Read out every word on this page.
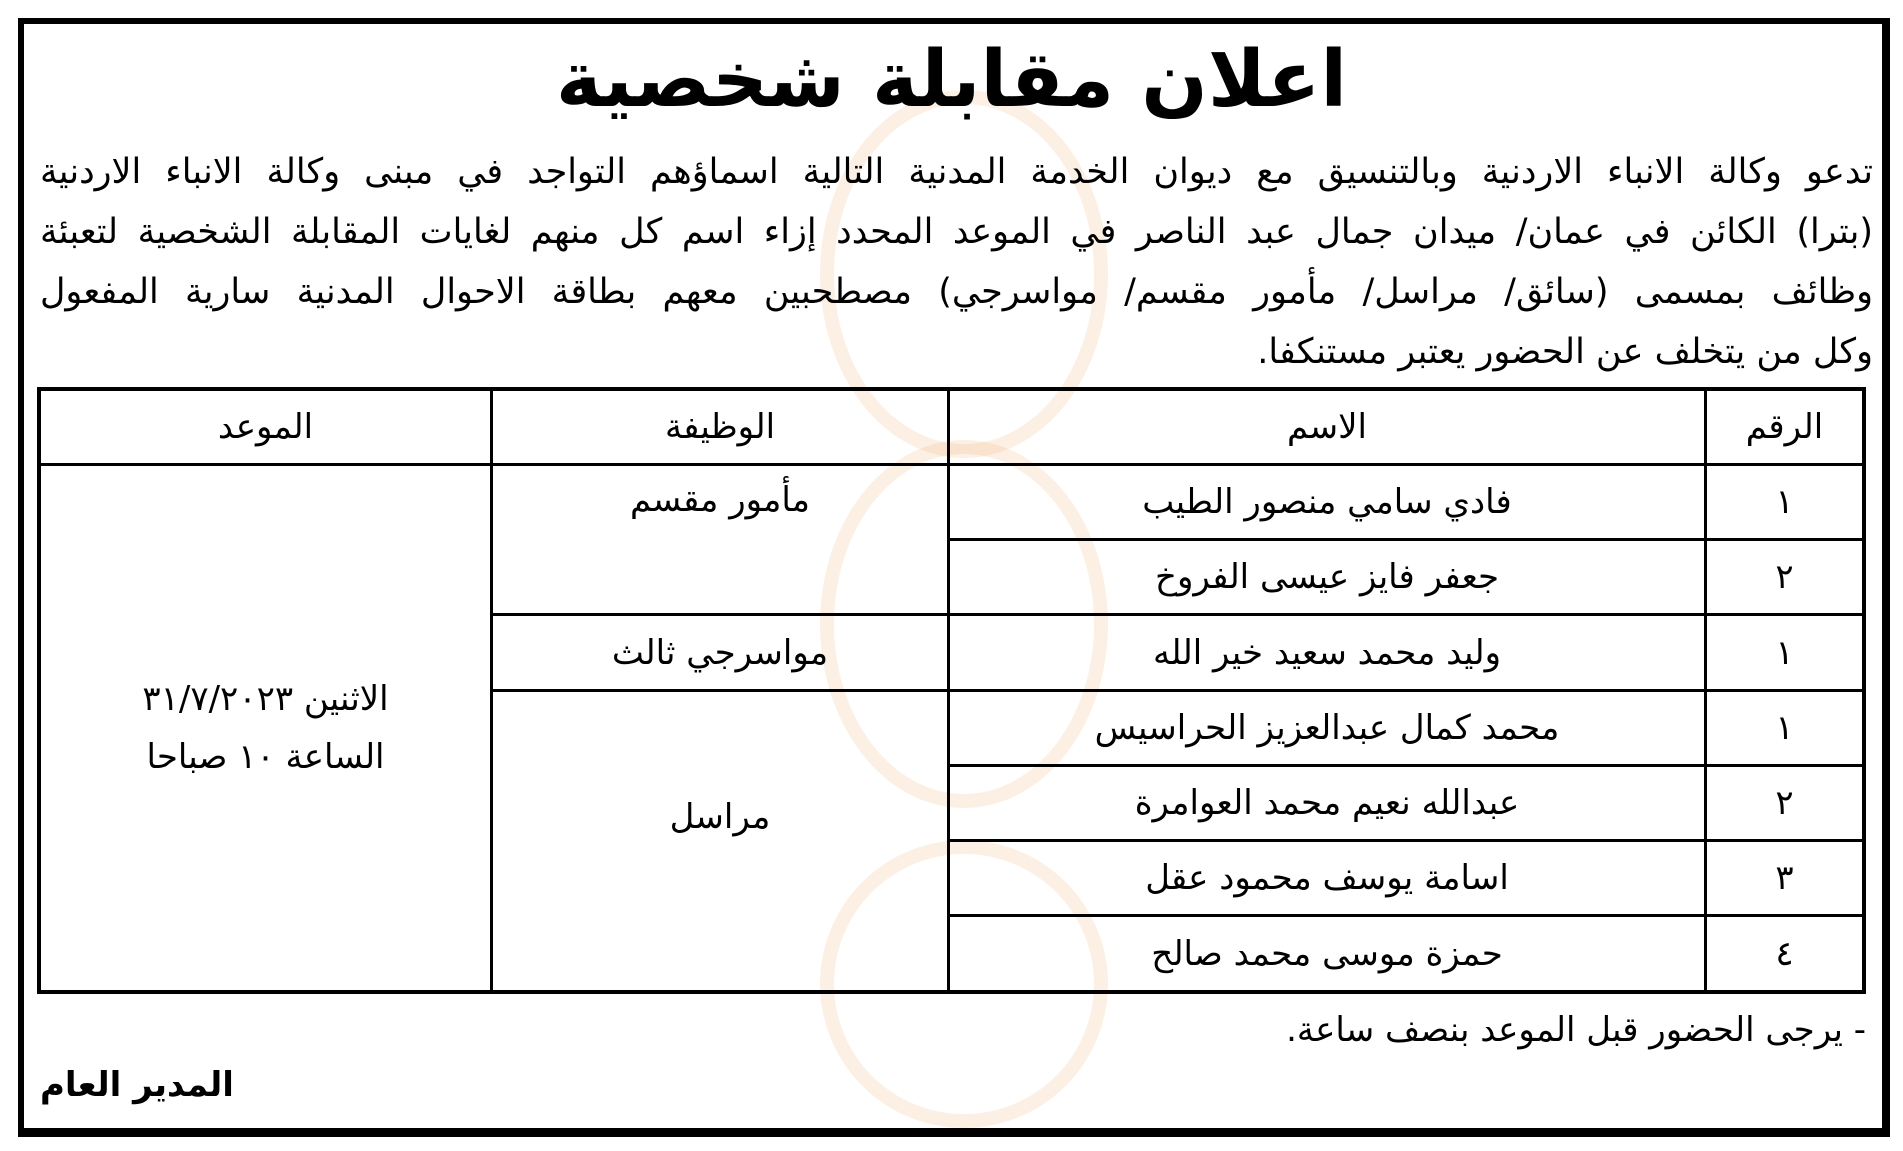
اعلان مقابلة شخصية
تدعو وكالة الانباء الاردنية وبالتنسيق مع ديوان الخدمة المدنية التالية اسماؤهم التواجد في مبنى وكالة الانباء الاردنية
(بترا) الكائن في عمان/ ميدان جمال عبد الناصر في الموعد المحدد إزاء اسم كل منهم لغايات المقابلة الشخصية لتعبئة
وظائف بمسمى (سائق/ مراسل/ مأمور مقسم/ مواسرجي) مصطحبين معهم بطاقة الاحوال المدنية سارية المفعول
وكل من يتخلف عن الحضور يعتبر مستنكفا.
الرقم	الاسم	الوظيفة	الموعد
١	فادي سامي منصور الطيب	مأمور مقسم	الاثنين ٣١/٧/٢٠٢٣
الساعة ١٠ صباحا

٢	جعفر فايز عيسى الفروخ		
١	وليد محمد سعيد خير الله	مواسرجي ثالث	
١	محمد كمال عبدالعزيز الحراسيس	مراسل	
٢	عبدالله نعيم محمد العوامرة		
٣	اسامة يوسف محمود عقل		
٤	حمزة موسى محمد صالح		
- يرجى الحضور قبل الموعد بنصف ساعة.
المدير العام
